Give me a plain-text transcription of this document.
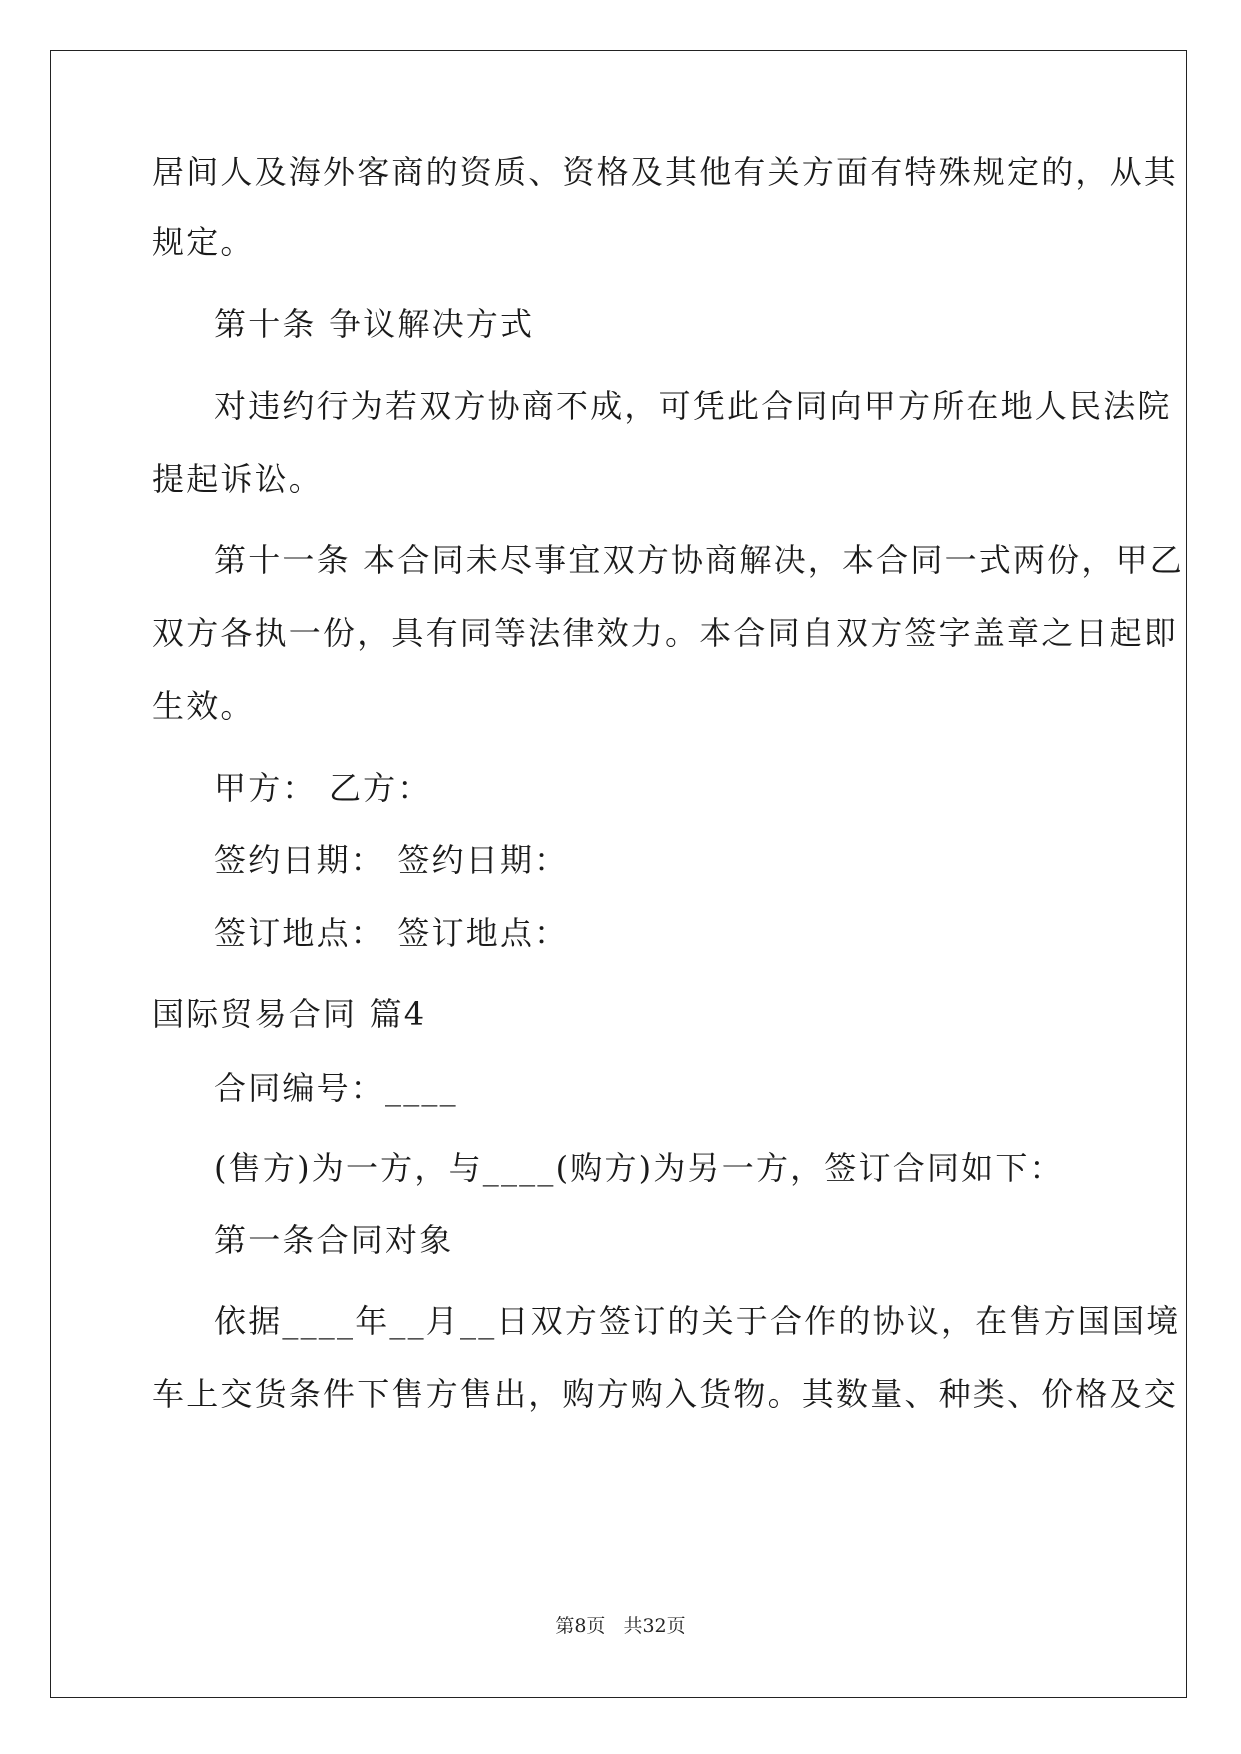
居间人及海外客商的资质、资格及其他有关方面有特殊规定的，从其
规定。
第十条 争议解决方式
对违约行为若双方协商不成，可凭此合同向甲方所在地人民法院
提起诉讼。
第十一条 本合同未尽事宜双方协商解决，本合同一式两份，甲乙
双方各执一份，具有同等法律效力。本合同自双方签字盖章之日起即
生效。
甲方： 乙方：
签约日期： 签约日期：
签订地点： 签订地点：
国际贸易合同 篇4
合同编号：____
(售方)为一方，与____(购方)为另一方，签订合同如下：
第一条合同对象
依据____年__月__日双方签订的关于合作的协议，在售方国国境
车上交货条件下售方售出，购方购入货物。其数量、种类、价格及交
第8页 共32页
